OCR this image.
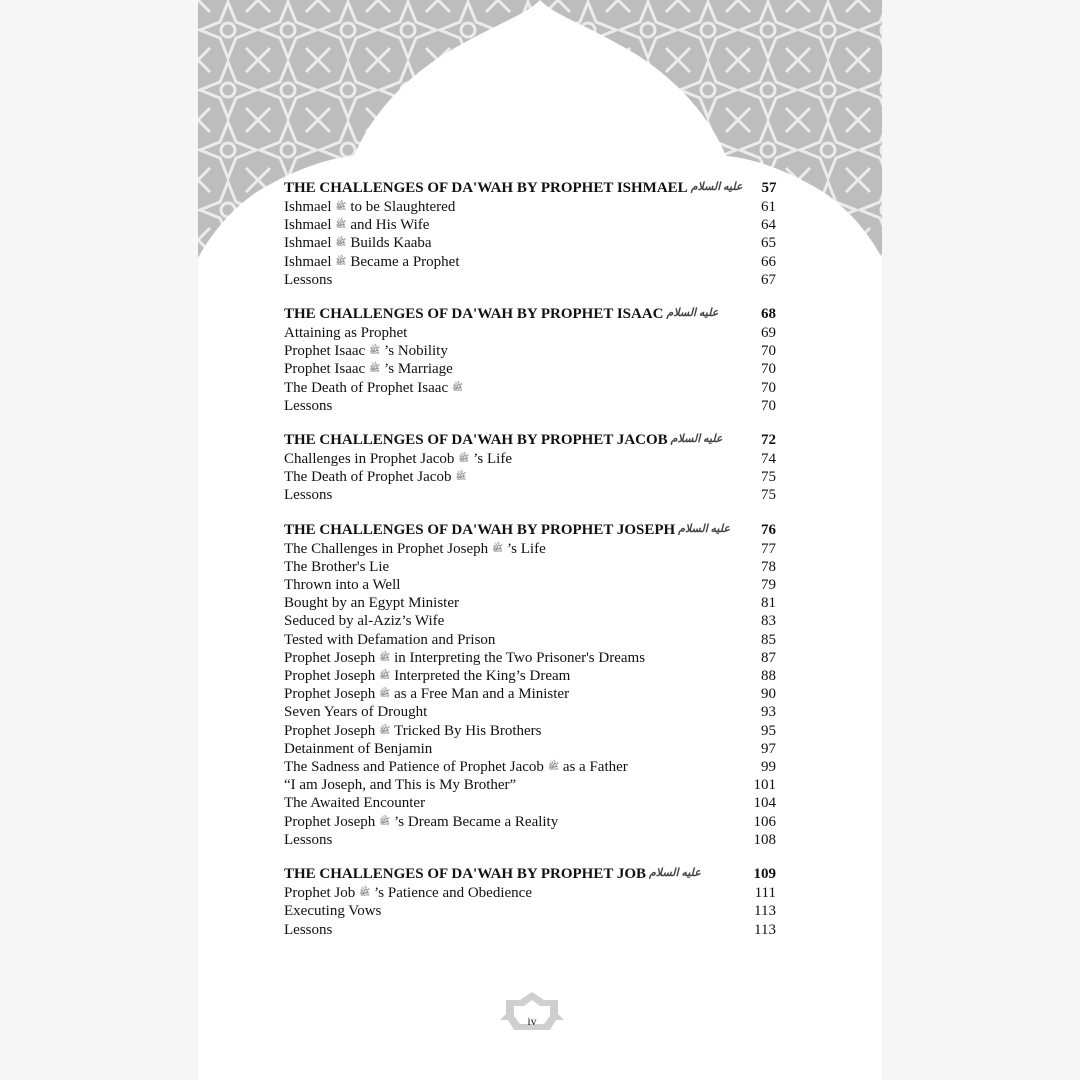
THE CHALLENGES OF DA'WAH BY PROPHET ISHMAEL عليه السلام	57
Ishmael ﷺ to be Slaughtered	61
Ishmael ﷺ and His Wife	64
Ishmael ﷺ Builds Kaaba	65
Ishmael ﷺ Became a Prophet	66
Lessons	67
THE CHALLENGES OF DA'WAH BY PROPHET ISAAC عليه السلام	68
Attaining as Prophet	69
Prophet Isaac ﷺ ’s Nobility	70
Prophet Isaac ﷺ ’s Marriage	70
The Death of Prophet Isaac ﷺ	70
Lessons	70
THE CHALLENGES OF DA'WAH BY PROPHET JACOB عليه السلام	72
Challenges in Prophet Jacob ﷺ ’s Life	74
The Death of Prophet Jacob ﷺ	75
Lessons	75
THE CHALLENGES OF DA'WAH BY PROPHET JOSEPH عليه السلام	76
The Challenges in Prophet Joseph ﷺ ’s Life	77
The Brother's Lie	78
Thrown into a Well	79
Bought by an Egypt Minister	81
Seduced by al-Aziz’s Wife	83
Tested with Defamation and Prison	85
Prophet Joseph ﷺ in Interpreting the Two Prisoner's Dreams	87
Prophet Joseph ﷺ Interpreted the King’s Dream	88
Prophet Joseph ﷺ as a Free Man and a Minister	90
Seven Years of Drought	93
Prophet Joseph ﷺ Tricked By His Brothers	95
Detainment of Benjamin	97
The Sadness and Patience of Prophet Jacob ﷺ as a Father	99
“I am Joseph, and This is My Brother”	101
The Awaited Encounter	104
Prophet Joseph ﷺ ’s Dream Became a Reality	106
Lessons	108
THE CHALLENGES OF DA'WAH BY PROPHET JOB عليه السلام	109
Prophet Job ﷺ ’s Patience and Obedience	111
Executing Vows	113
Lessons	113
iv
